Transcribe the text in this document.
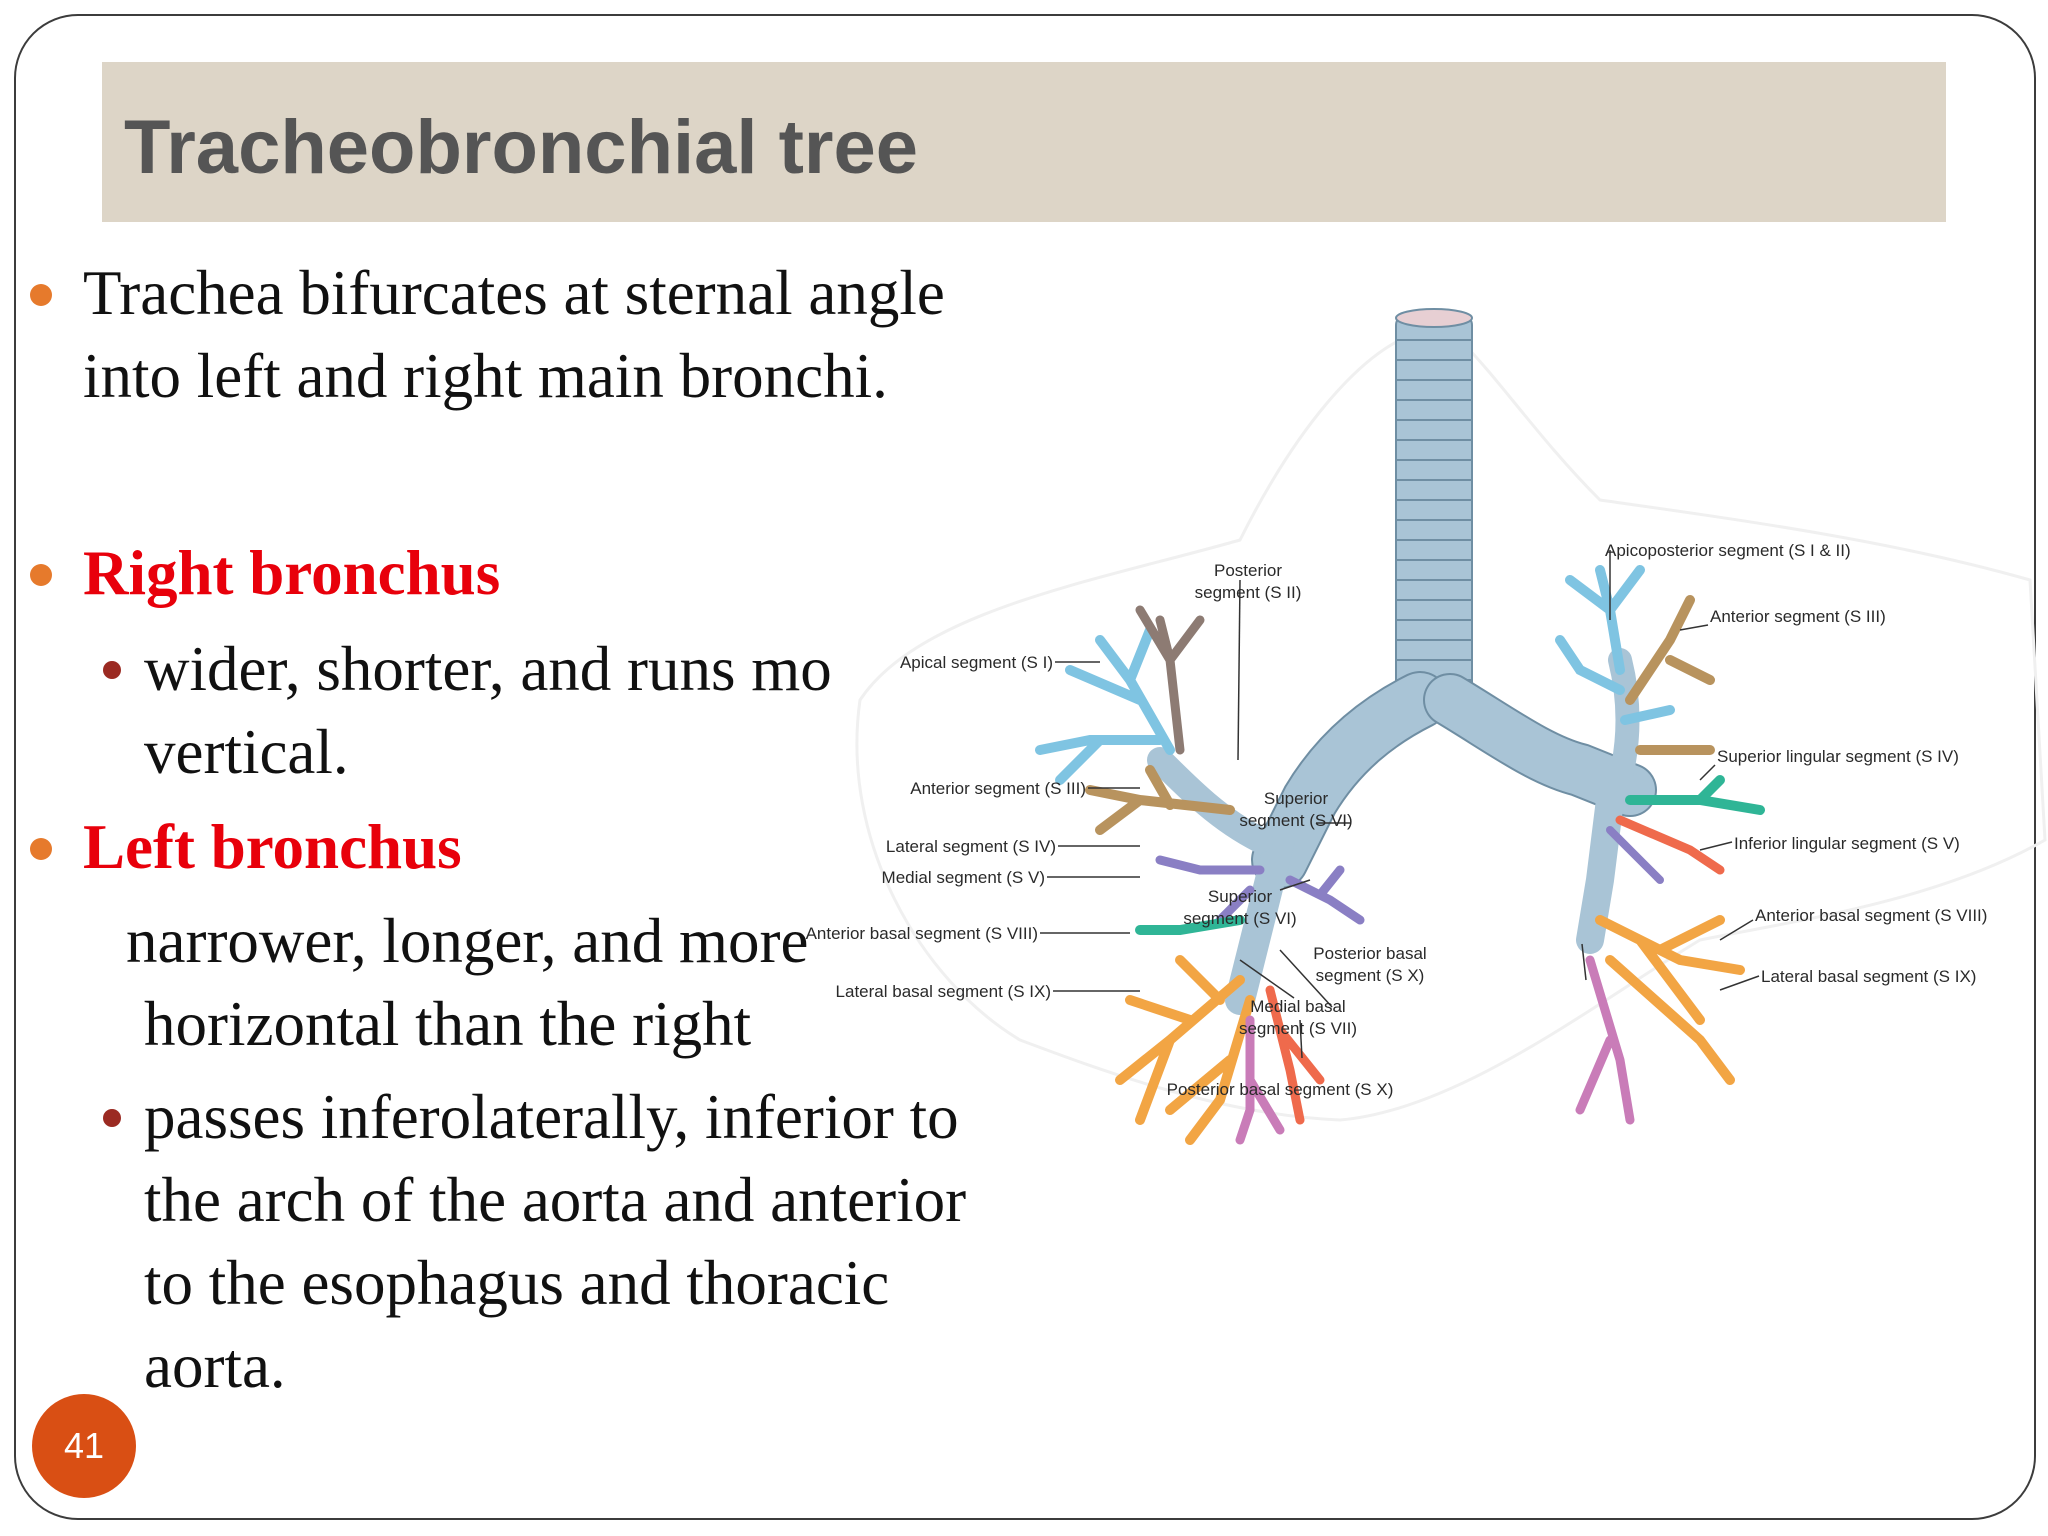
Tracheobronchial tree
Trachea bifurcates at sternal angle
into left and right main bronchi.
Right bronchus
wider, shorter, and runs mo
vertical.
Left bronchus
narrower, longer, and more
horizontal than the right
passes inferolaterally, inferior to
the arch of the aorta and anterior
to the esophagus and thoracic
aorta.
Posterior
segment (S II)
Apical segment (S I)
Anterior segment (S III)
Lateral segment (S IV)
Medial segment (S V)
Anterior basal segment (S VIII)
Lateral basal segment (S IX)
Superior
segment (S VI)
Superior
segment (S VI)
Posterior basal
segment (S X)
Medial basal
segment (S VII)
Posterior basal segment (S X)
Apicoposterior segment (S I & II)
Anterior segment (S III)
Superior lingular segment (S IV)
Inferior lingular segment (S V)
Anterior basal segment (S VIII)
Lateral basal segment (S IX)
41
